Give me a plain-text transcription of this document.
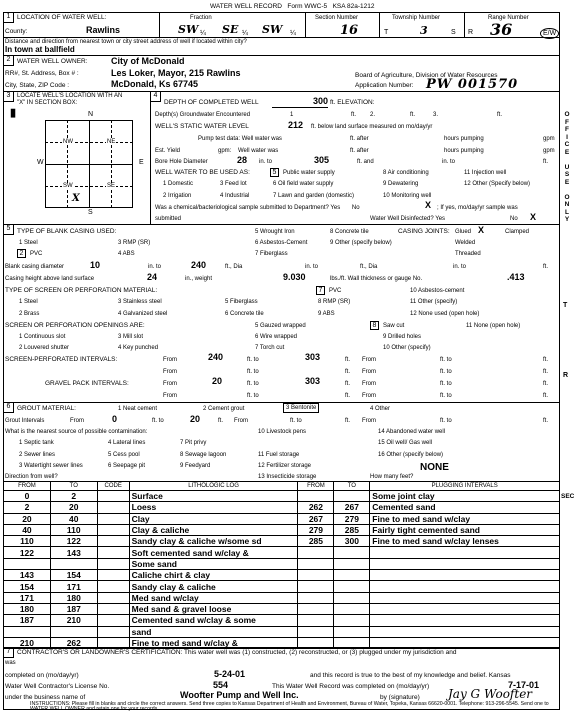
WATER WELL RECORD Form WWC-5 KSA 82a-1212
1	LOCATION OF WATER WELL:
County:	Rawlins
Fraction
SW ¼ SE ¼ SW ¼
Section Number
16
Township Number
T	3	S
Range Number
R 36	E/W
Distance and direction from nearest town or city street address of well if located within city?
In town at ballfield
2	WATER WELL OWNER:	City of McDonald
RR#, St. Address, Box # :	Les Loker, Mayor, 215 Rawlins
City, State, ZIP Code :	McDonald, Ks 67745
Board of Agriculture, Division of Water Resources
Application Number: PW 001570
3	LOCATE WELL'S LOCATION WITH AN "X" IN SECTION BOX:
N
S
W	E
▮
NW	NE
SW	SE
X
4
DEPTH OF COMPLETED WELL	300 ft. ELEVATION:
Depth(s) Groundwater Encountered	1	ft. 2.	ft.	3.	ft.
WELL'S STATIC WATER LEVEL	212 ft. below land surface measured on mo/day/yr
Pump test data: Well water was	ft. after	hours pumping	gpm
Est. Yield	gpm: Well water was	ft. after	hours pumping	gpm
Bore Hole Diameter	28 in. to	305	ft. and	in. to	ft.
WELL WATER TO BE USED AS:	5	Public water supply	8 Air conditioning	11 Injection well
1 Domestic	3 Feed lot	6 Oil field water supply	9 Dewatering	12 Other (Specify below)
2 Irrigation	4 Industrial	7 Lawn and garden (domestic)	10 Monitoring well
Was a chemical/bacteriological sample submitted to Department? Yes No	X ; If yes, mo/day/yr sample was
submitted	Water Well Disinfected? Yes	No X
5	TYPE OF BLANK CASING USED:	5 Wrought Iron	8 Concrete tile	CASING JOINTS: Glued X	Clamped
1 Steel	3 RMP (SR)	6 Asbestos-Cement	9 Other (specify below)	Welded
2	PVC	4 ABS	7 Fiberglass	Threaded
Blank casing diameter	10	in. to	240	ft., Dia	in. to	ft., Dia	in. to	ft.
Casing height above land surface	24	in., weight	9.030	lbs./ft. Wall thickness or gauge No.	.413
TYPE OF SCREEN OR PERFORATION MATERIAL:	7	PVC	10 Asbestos-cement
1 Steel	3 Stainless steel	5 Fiberglass	8 RMP (SR)	11 Other (specify)
2 Brass	4 Galvanized steel	6 Concrete tile	9 ABS	12 None used (open hole)
SCREEN OR PERFORATION OPENINGS ARE:	5 Gauzed wrapped	8	Saw cut	11 None (open hole)
1 Continuous slot	3 Mill slot	6 Wire wrapped	9 Drilled holes
2 Louvered shutter	4 Key punched	7 Torch cut	10 Other (specify)
SCREEN-PERFORATED INTERVALS:	From	240	ft. to	303	ft. From	ft. to	ft.
From	ft. to	ft. From	ft. to	ft.
GRAVEL PACK INTERVALS:	From	20	ft. to	303	ft. From	ft. to	ft.
From	ft. to	ft. From	ft. to	ft.
6	GROUT MATERIAL:	1 Neat cement	2 Cement grout	3 Bentonite	4 Other
Grout Intervals	From	0	ft. to	20	ft. From	ft. to	ft. From	ft. to	ft.
What is the nearest source of possible contamination:	10 Livestock pens	14 Abandoned water well
1 Septic tank	4 Lateral lines	7 Pit privy
11 Fuel storage
15 Oil well/ Gas well
2 Sewer lines	5 Cess pool	8 Sewage lagoon
12 Fertilizer storage
16 Other (specify below)
3 Watertight sewer lines	6 Seepage pit	9 Feedyard
13 Insecticide storage
NONE
Direction from well?	How many feet?
FROM	TO	CODE	LITHOLOGIC LOG	FROM	TO	PLUGGING INTERVALS
0	2		Surface			Some joint clay
2	20		Loess	262	267	Cemented sand
20	40		Clay	267	279	Fine to med sand w/clay
40	110		Clay & caliche	279	285	Fairly tight cemented sand
110	122		Sandy clay & caliche w/some sd	285	300	Fine to med sand w/clay lenses
122	143		Soft cemented sand w/clay &			
			Some sand			
143	154		Caliche chirt & clay			
154	171		Sandy clay & caliche			
171	180		Med sand w/clay			
180	187		Med sand & gravel loose			
187	210		Cemented sand w/clay & some			
			sand			
210	262		Fine to med sand w/clay &			
7	CONTRACTOR'S OR LANDOWNER'S CERTIFICATION: This water well was (1) constructed, (2) reconstructed, or (3) plugged under my jurisdiction and
was
completed on (mo/day/yr)	5-24-01	and this record is true to the best of my knowledge and belief. Kansas
Water Well Contractor's License No.	554	This Water Well Record was completed on (mo/day/yr)	7-17-01
under the business name of	Woofter Pump and Well Inc.	by (signature) Jay G Woofter
INSTRUCTIONS: Please fill in blanks and circle the correct answers. Send three copies to Kansas Department of Health and Environment, Bureau of Water, Topeka, Kansas 66620-0001. Telephone: 913-296-5545. Send one to WATER WELL OWNER and retain one for your records.
O
F
F
I
C
E

U
S
E

O
N
L
Y
T
R
SEC
